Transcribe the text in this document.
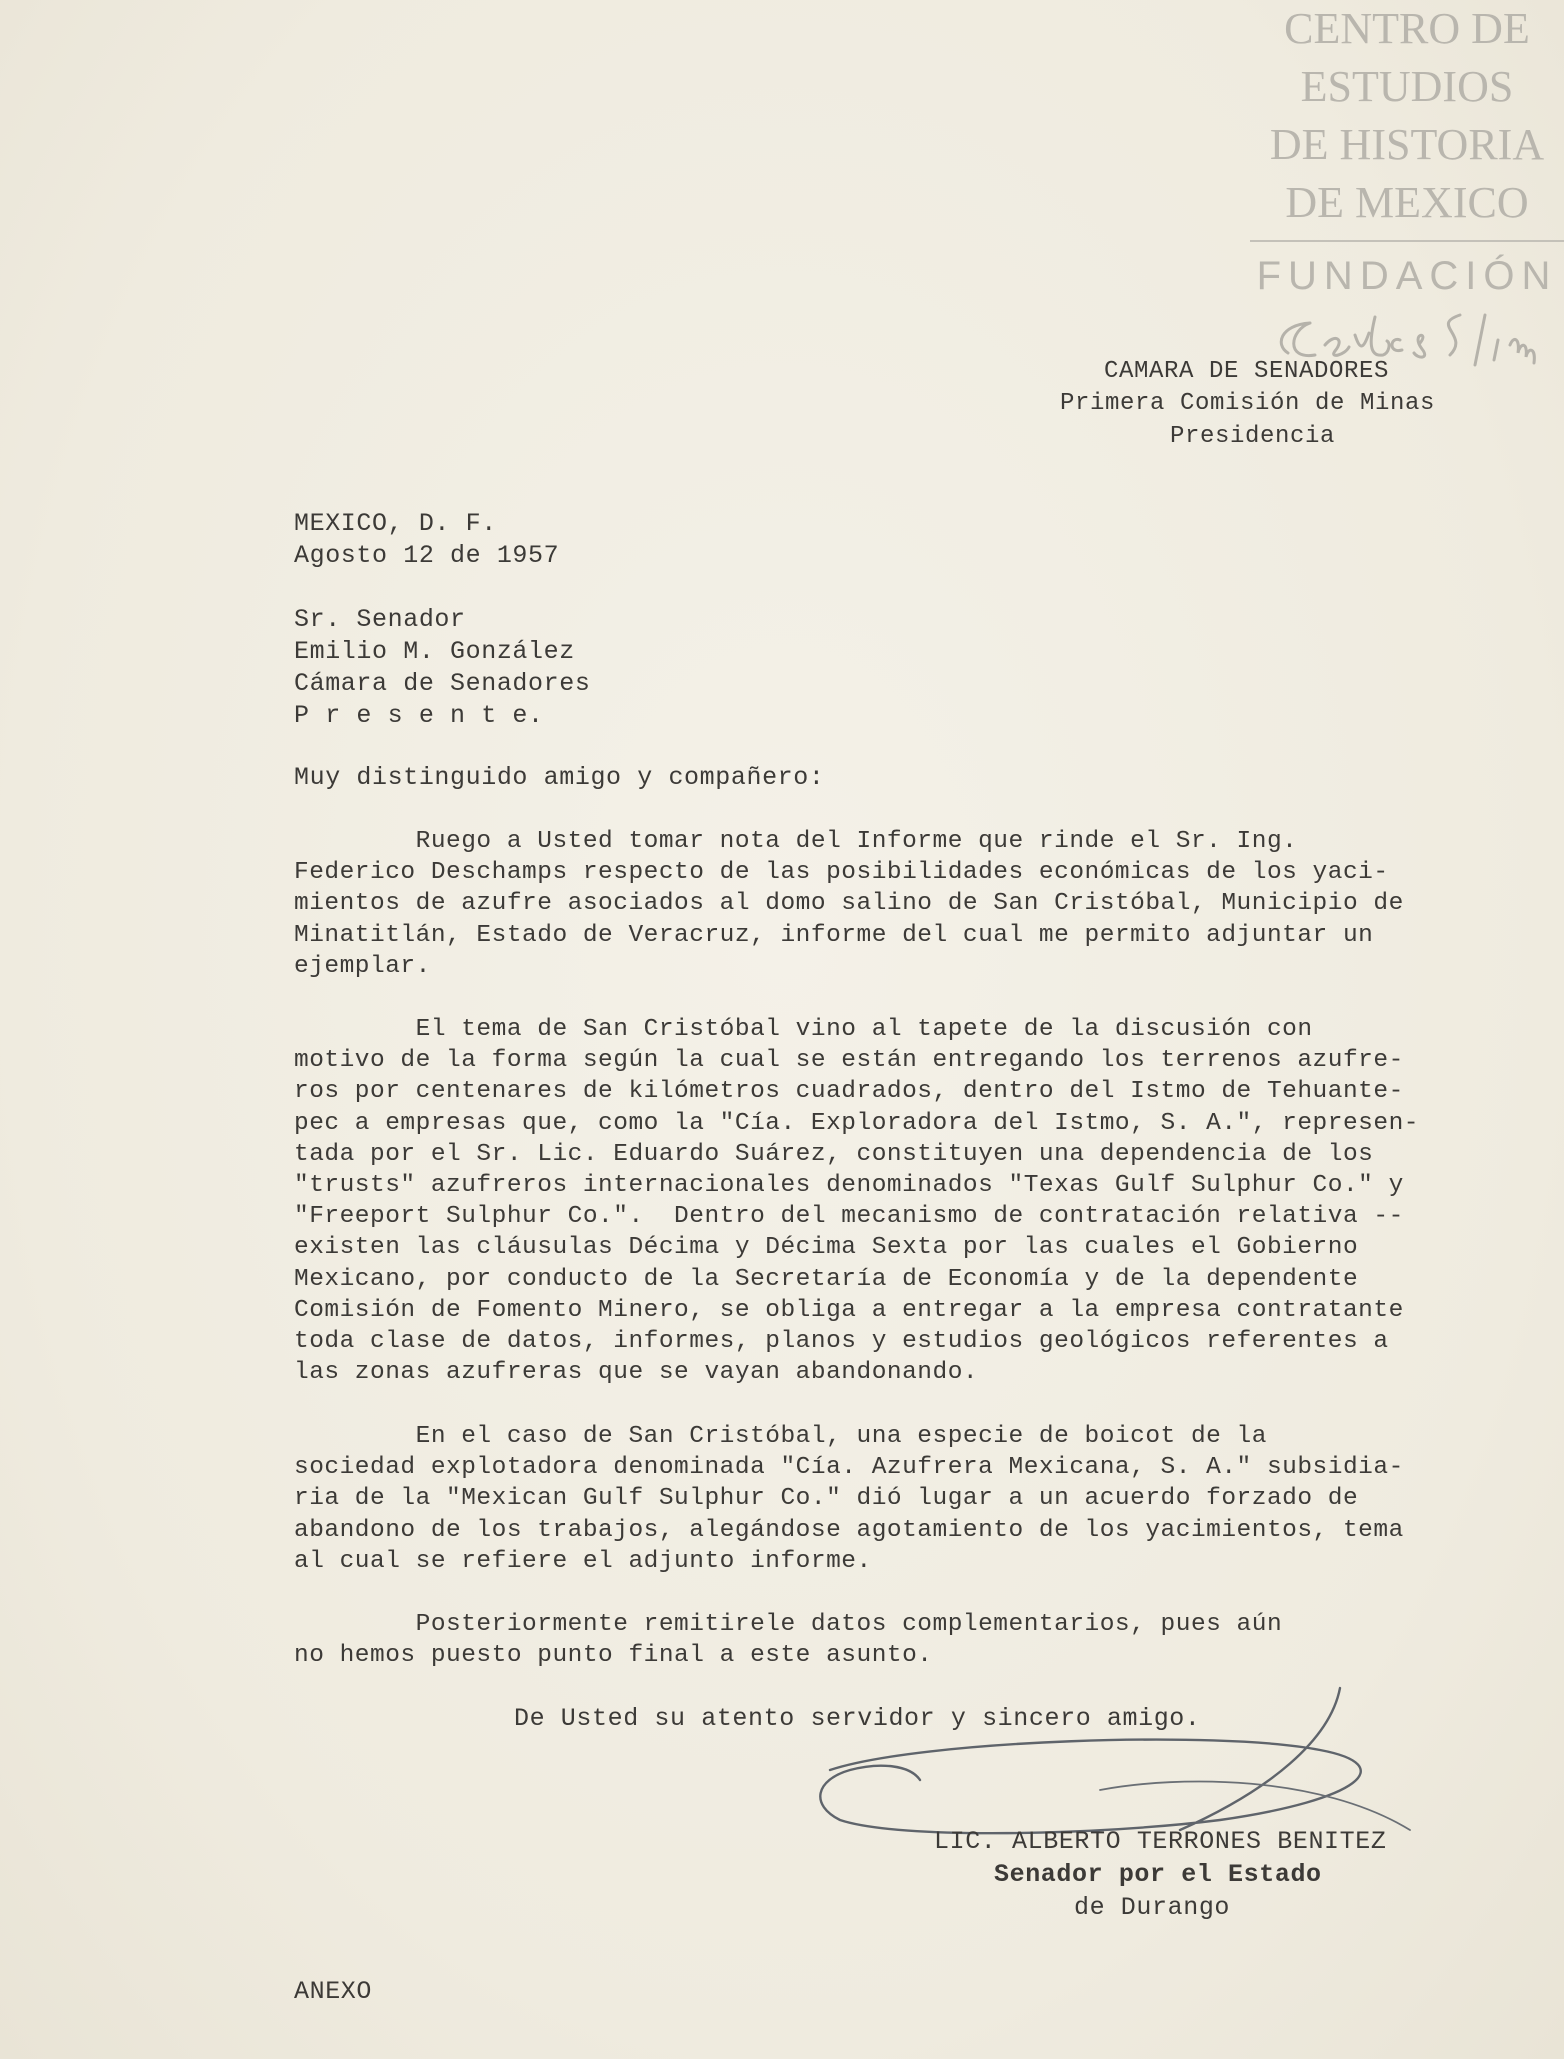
CENTRO DE
ESTUDIOS
DE HISTORIA
DE MEXICO
FUNDACIÓN
CAMARA DE SENADORES
Primera Comisión de Minas
Presidencia
MEXICO, D. F.
Agosto 12 de 1957
Sr. Senador
Emilio M. González
Cámara de Senadores
P r e s e n t e.
Muy distinguido amigo y compañero:
Ruego a Usted tomar nota del Informe que rinde el Sr. Ing.
Federico Deschamps respecto de las posibilidades económicas de los yaci-
mientos de azufre asociados al domo salino de San Cristóbal, Municipio de
Minatitlán, Estado de Veracruz, informe del cual me permito adjuntar un
ejemplar.
El tema de San Cristóbal vino al tapete de la discusión con
motivo de la forma según la cual se están entregando los terrenos azufre-
ros por centenares de kilómetros cuadrados, dentro del Istmo de Tehuante-
pec a empresas que, como la "Cía. Exploradora del Istmo, S. A.", represen-
tada por el Sr. Lic. Eduardo Suárez, constituyen una dependencia de los
"trusts" azufreros internacionales denominados "Texas Gulf Sulphur Co." y
"Freeport Sulphur Co.".  Dentro del mecanismo de contratación relativa --
existen las cláusulas Décima y Décima Sexta por las cuales el Gobierno
Mexicano, por conducto de la Secretaría de Economía y de la dependente
Comisión de Fomento Minero, se obliga a entregar a la empresa contratante
toda clase de datos, informes, planos y estudios geológicos referentes a
las zonas azufreras que se vayan abandonando.
En el caso de San Cristóbal, una especie de boicot de la
sociedad explotadora denominada "Cía. Azufrera Mexicana, S. A." subsidia-
ria de la "Mexican Gulf Sulphur Co." dió lugar a un acuerdo forzado de
abandono de los trabajos, alegándose agotamiento de los yacimientos, tema
al cual se refiere el adjunto informe.
Posteriormente remitirele datos complementarios, pues aún
no hemos puesto punto final a este asunto.
De Usted su atento servidor y sincero amigo.
LIC. ALBERTO TERRONES BENITEZ
Senador por el Estado
de Durango
ANEXO
